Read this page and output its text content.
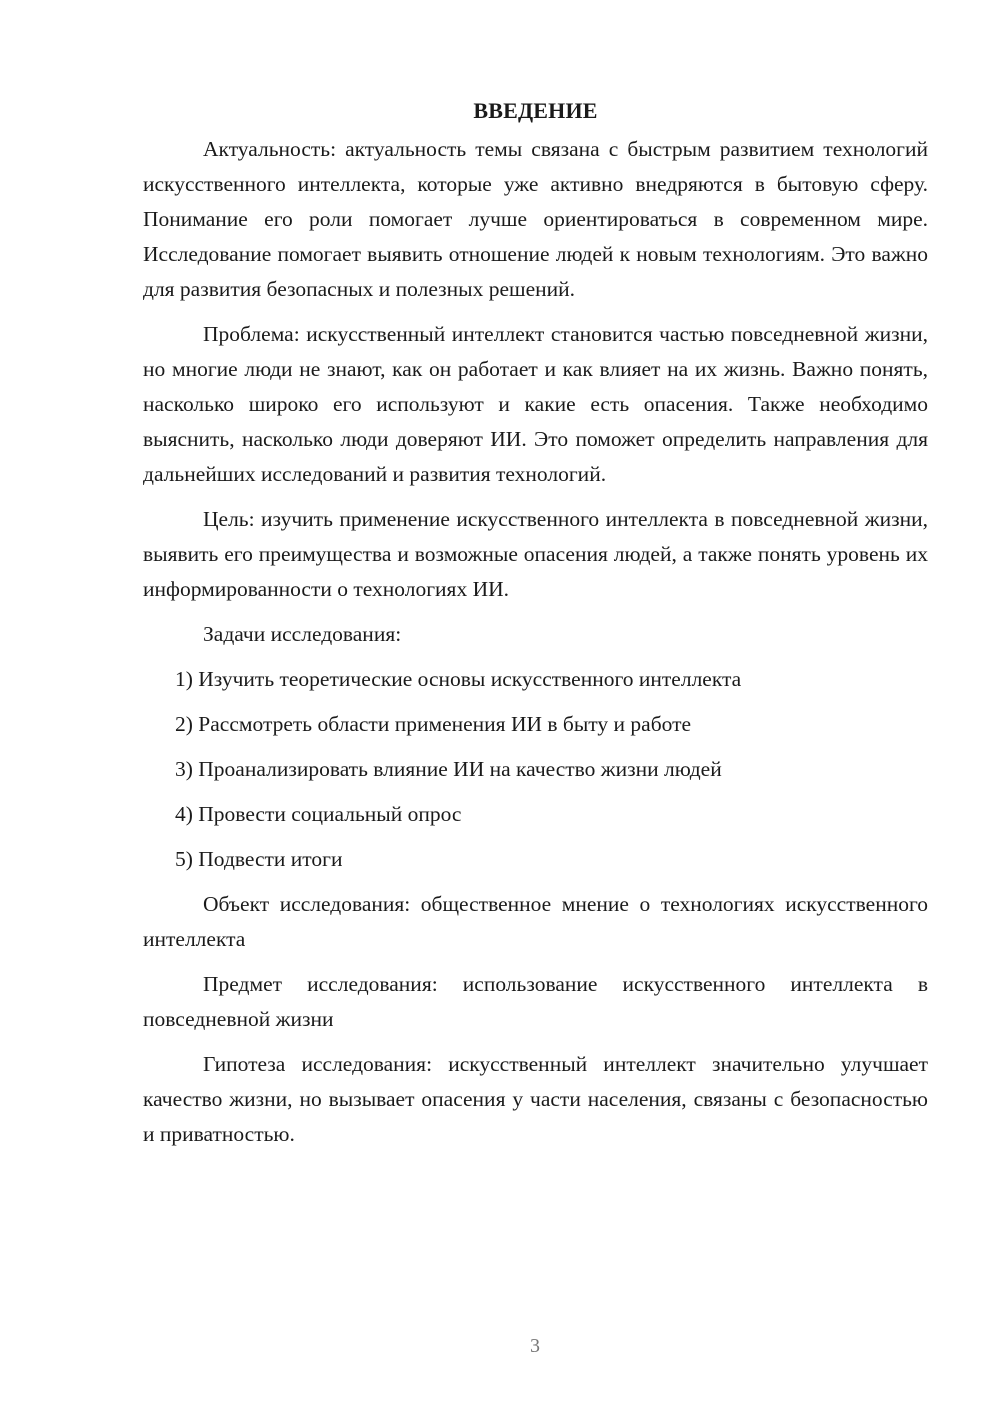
ВВЕДЕНИЕ

Актуальность: актуальность темы связана с быстрым развитием технологий искусственного интеллекта, которые уже активно внедряются в бытовую сферу. Понимание его роли помогает лучше ориентироваться в современном мире. Исследование помогает выявить отношение людей к новым технологиям. Это важно для развития безопасных и полезных решений.

Проблема: искусственный интеллект становится частью повседневной жизни, но многие люди не знают, как он работает и как влияет на их жизнь. Важно понять, насколько широко его используют и какие есть опасения. Также необходимо выяснить, насколько люди доверяют ИИ. Это поможет определить направления для дальнейших исследований и развития технологий.

Цель: изучить применение искусственного интеллекта в повседневной жизни, выявить его преимущества и возможные опасения людей, а также понять уровень их информированности о технологиях ИИ.

Задачи исследования:

1) Изучить теоретические основы искусственного интеллекта
2) Рассмотреть области применения ИИ в быту и работе
3) Проанализировать влияние ИИ на качество жизни людей
4) Провести социальный опрос
5) Подвести итоги

Объект исследования: общественное мнение о технологиях искусственного интеллекта

Предмет исследования: использование искусственного интеллекта в повседневной жизни

Гипотеза исследования: искусственный интеллект значительно улучшает качество жизни, но вызывает опасения у части населения, связаны с безопасностью и приватностью.

3
